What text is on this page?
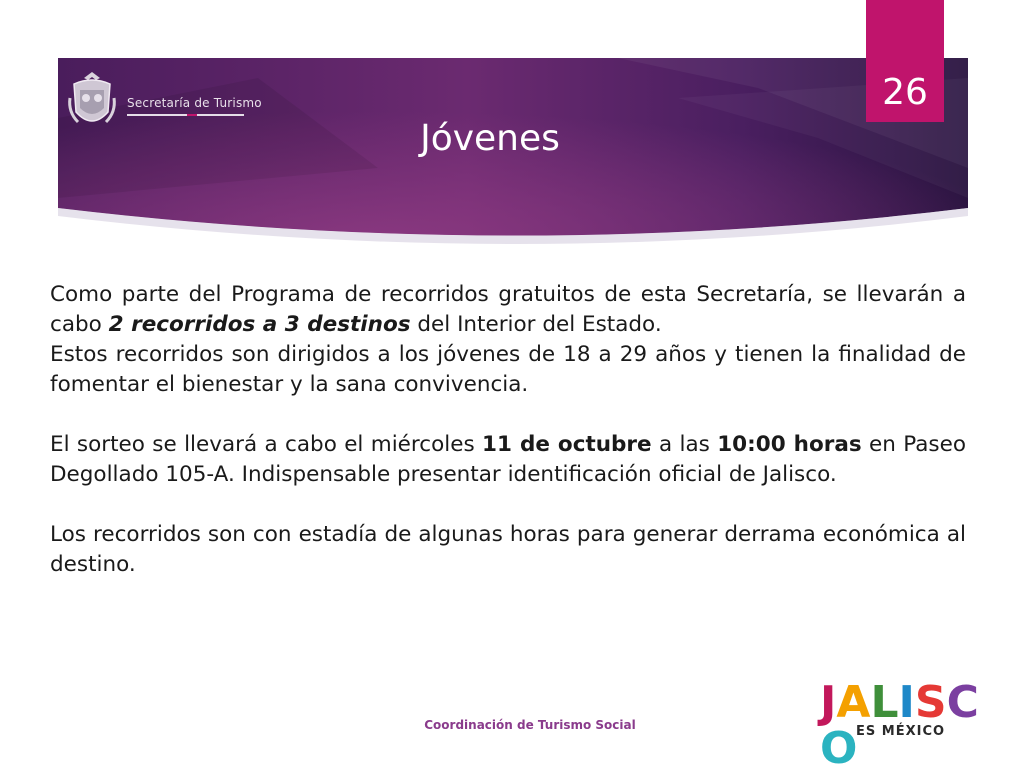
Secretaría de Turismo
Jóvenes
26

Como parte del Programa de recorridos gratuitos de esta Secretaría, se llevarán a cabo 2 recorridos a 3 destinos del Interior del Estado.

Estos recorridos son dirigidos a los jóvenes de 18 a 29 años y tienen la finalidad de fomentar el bienestar y la sana convivencia.

El sorteo se llevará a cabo el miércoles 11 de octubre a las 10:00 horas en Paseo Degollado 105-A. Indispensable presentar identificación oficial de Jalisco.

Los recorridos son con estadía de algunas horas para generar derrama económica al destino.

Coordinación de Turismo Social	JALISCO
ES MÉXICO
